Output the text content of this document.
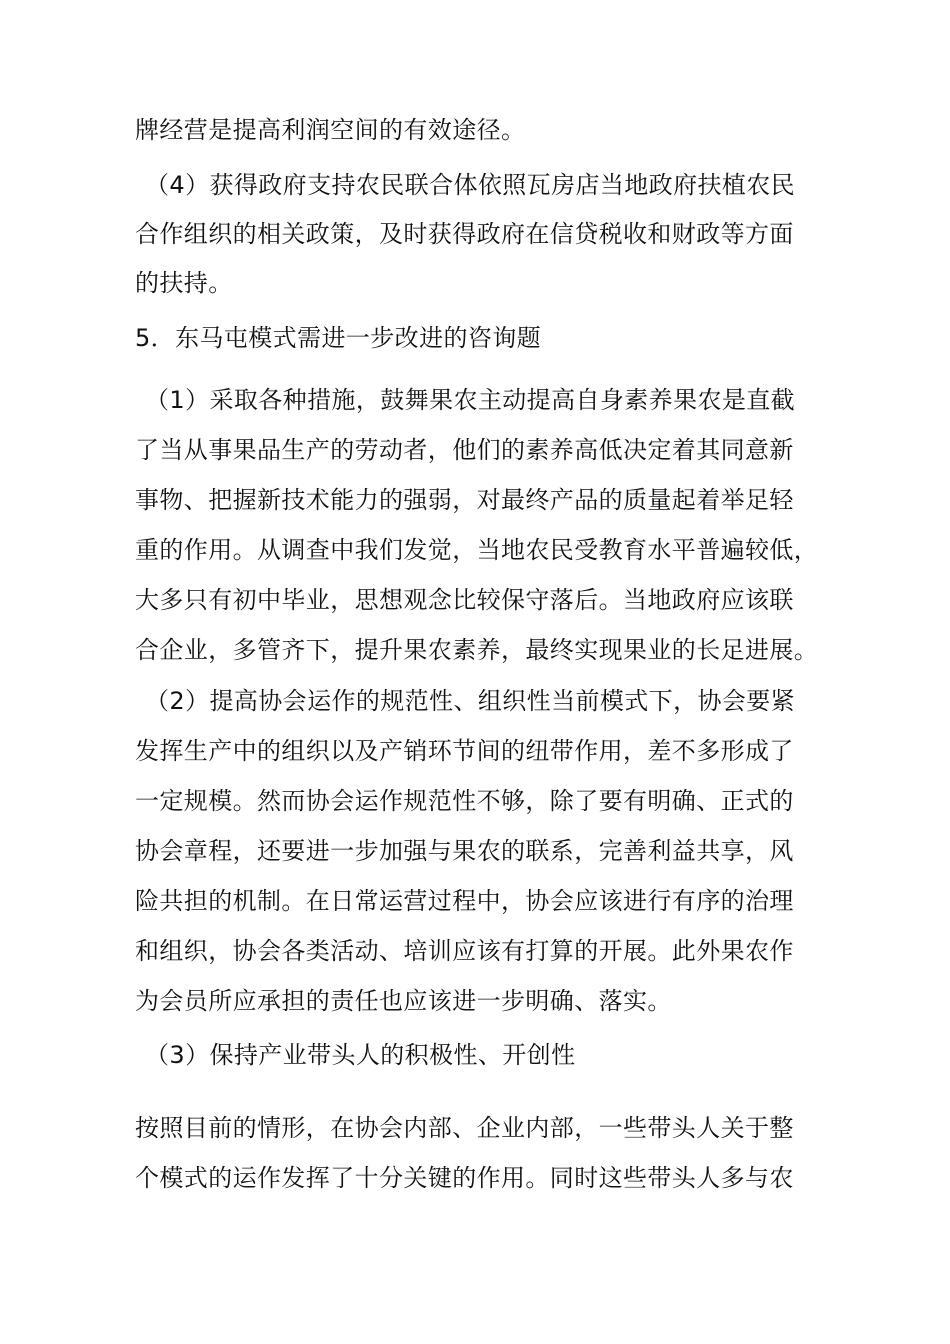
牌经营是提高利润空间的有效途径。
（4）获得政府支持农民联合体依照瓦房店当地政府扶植农民
合作组织的相关政策，及时获得政府在信贷税收和财政等方面
的扶持。
5．东马屯模式需进一步改进的咨询题
（1）采取各种措施，鼓舞果农主动提高自身素养果农是直截
了当从事果品生产的劳动者，他们的素养高低决定着其同意新
事物、把握新技术能力的强弱，对最终产品的质量起着举足轻
重的作用。从调查中我们发觉，当地农民受教育水平普遍较低，
大多只有初中毕业，思想观念比较保守落后。当地政府应该联
合企业，多管齐下，提升果农素养，最终实现果业的长足进展。
（2）提高协会运作的规范性、组织性当前模式下，协会要紧
发挥生产中的组织以及产销环节间的纽带作用，差不多形成了
一定规模。然而协会运作规范性不够，除了要有明确、正式的
协会章程，还要进一步加强与果农的联系，完善利益共享，风
险共担的机制。在日常运营过程中，协会应该进行有序的治理
和组织，协会各类活动、培训应该有打算的开展。此外果农作
为会员所应承担的责任也应该进一步明确、落实。
（3）保持产业带头人的积极性、开创性
按照目前的情形，在协会内部、企业内部，一些带头人关于整
个模式的运作发挥了十分关键的作用。同时这些带头人多与农
